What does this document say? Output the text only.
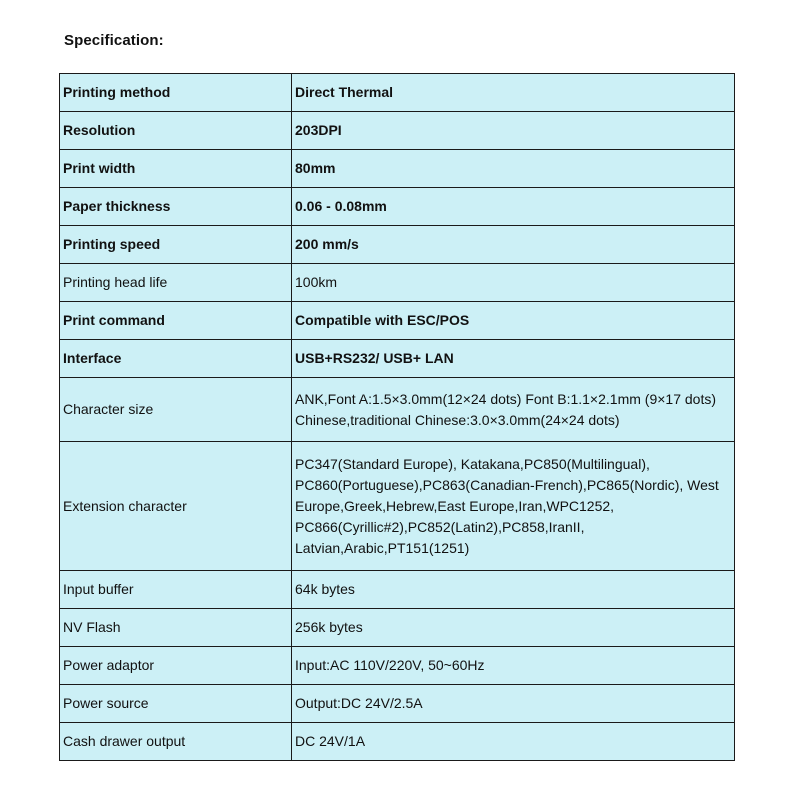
Specification:
Printing method	Direct Thermal
Resolution	203DPI
Print width	80mm
Paper thickness	0.06 - 0.08mm
Printing speed	200 mm/s
Printing head life	100km
Print command	Compatible with ESC/POS
Interface	USB+RS232/ USB+ LAN
Character size	ANK,Font A:1.5×3.0mm(12×24 dots) Font B:1.1×2.1mm (9×17 dots) Chinese,traditional Chinese:3.0×3.0mm(24×24 dots)
Extension character	PC347(Standard Europe), Katakana,PC850(Multilingual), PC860(Portuguese),PC863(Canadian-French),PC865(Nordic), West Europe,Greek,Hebrew,East Europe,Iran,WPC1252, PC866(Cyrillic#2),PC852(Latin2),PC858,IranII, Latvian,Arabic,PT151(1251)
Input buffer	64k bytes
NV Flash	256k bytes
Power adaptor	Input:AC 110V/220V, 50~60Hz
Power source	Output:DC 24V/2.5A
Cash drawer output	DC 24V/1A
